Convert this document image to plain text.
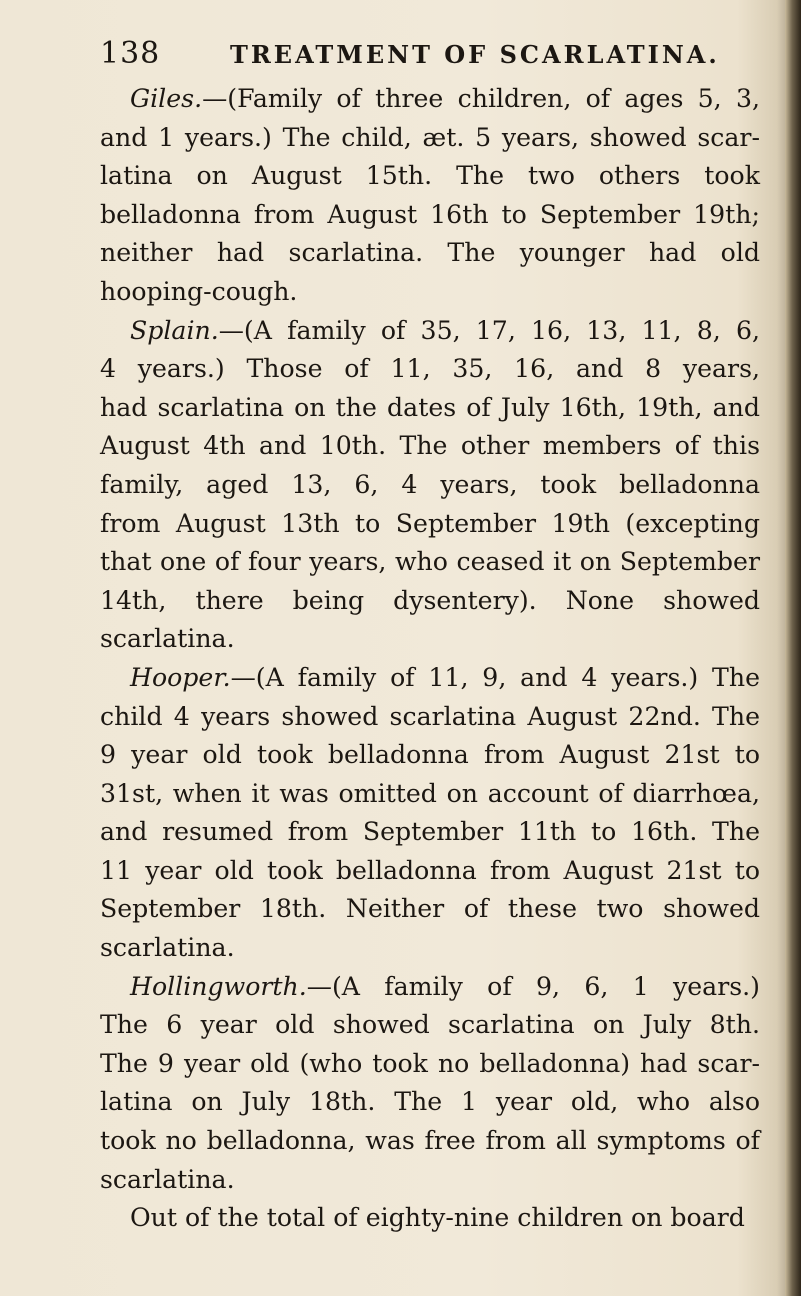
138	TREATMENT OF SCARLATINA.
Giles.—(Family of three children, of ages 5, 3,
and 1 years.) The child, æt. 5 years, showed scar-
latina on August 15th. The two others took
belladonna from August 16th to September 19th;
neither had scarlatina. The younger had old
hooping-cough.
Splain.—(A family of 35, 17, 16, 13, 11, 8, 6,
4 years.) Those of 11, 35, 16, and 8 years,
had scarlatina on the dates of July 16th, 19th, and
August 4th and 10th. The other members of this
family, aged 13, 6, 4 years, took belladonna
from August 13th to September 19th (excepting
that one of four years, who ceased it on September
14th, there being dysentery). None showed
scarlatina.
Hooper.—(A family of 11, 9, and 4 years.) The
child 4 years showed scarlatina August 22nd. The
9 year old took belladonna from August 21st to
31st, when it was omitted on account of diarrhœa,
and resumed from September 11th to 16th. The
11 year old took belladonna from August 21st to
September 18th. Neither of these two showed
scarlatina.
Hollingworth.—(A family of 9, 6, 1 years.)
The 6 year old showed scarlatina on July 8th.
The 9 year old (who took no belladonna) had scar-
latina on July 18th. The 1 year old, who also
took no belladonna, was free from all symptoms of
scarlatina.
Out of the total of eighty-nine children on board
